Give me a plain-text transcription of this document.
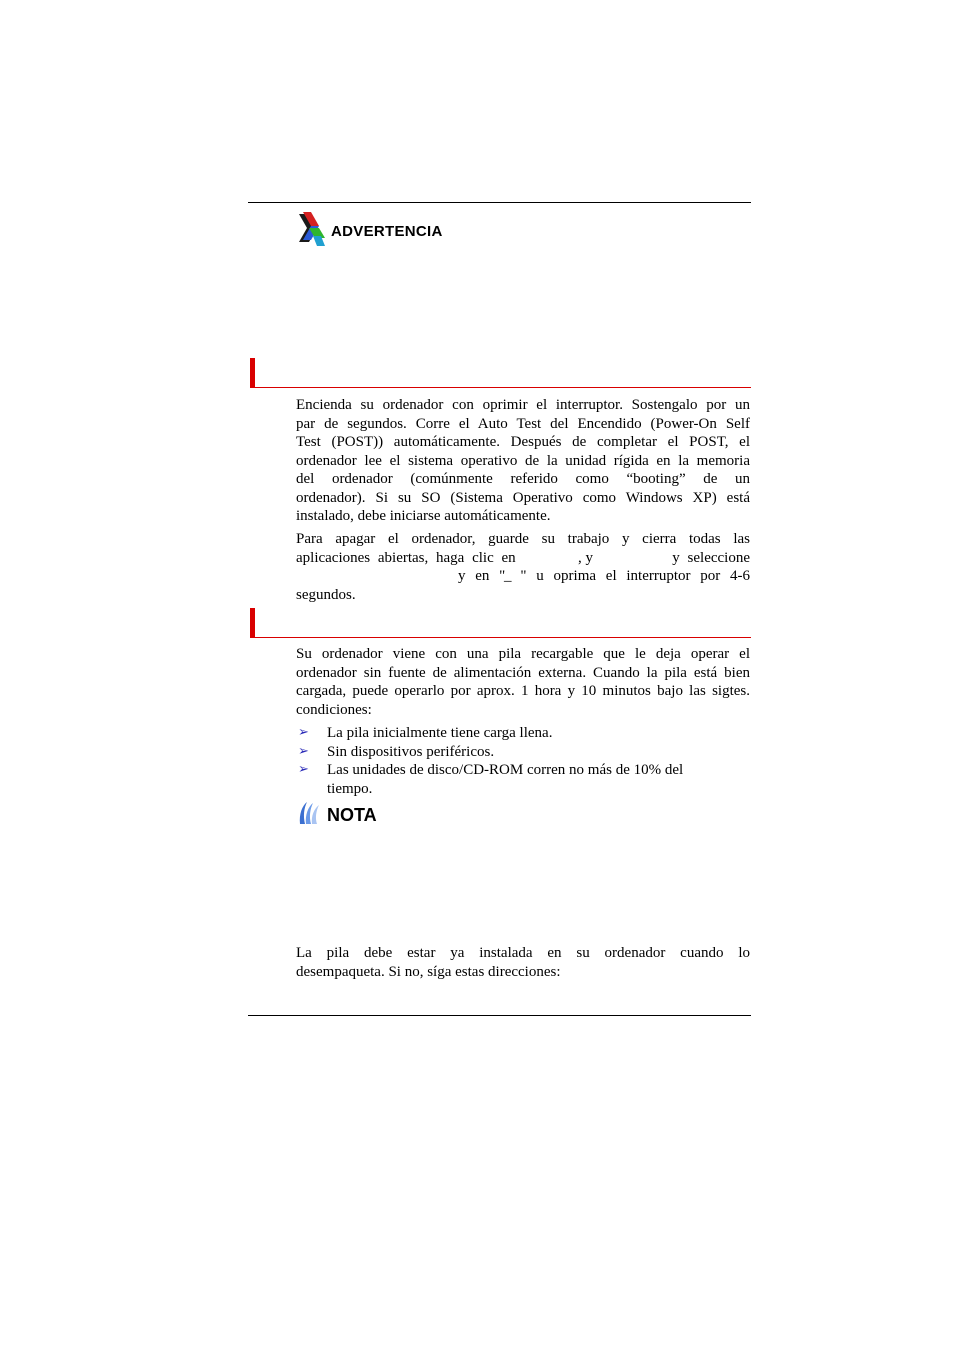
ADVERTENCIA
Encienda su ordenador con oprimir el interruptor. Sostengalo por un
par de segundos. Corre el Auto Test del Encendido (Power-On Self
Test (POST)) automáticamente. Después de completar el POST, el
ordenador lee el sistema operativo de la unidad rígida en la memoria
del ordenador (comúnmente referido como “booting” de un
ordenador). Si su SO (Sistema Operativo como Windows XP) está
instalado, debe iniciarse automáticamente.
Para apagar el ordenador, guarde su trabajo y cierra todas las
aplicaciones abiertas, haga clic en	, y	y seleccione
y en "
_ " u oprima el interruptor por 4-6
segundos.
Su ordenador viene con una pila recargable que le deja operar el
ordenador sin fuente de alimentación externa. Cuando la pila está bien
cargada, puede operarlo por aprox. 1 hora y 10 minutos bajo las sigtes.
condiciones:
➢ La pila inicialmente tiene carga llena.
➢ Sin dispositivos periféricos.
➢ Las unidades de disco/CD-ROM corren no más de 10% del tiempo.
NOTA
La pila debe estar ya instalada en su ordenador cuando lo
desempaqueta. Si no, síga estas direcciones:
